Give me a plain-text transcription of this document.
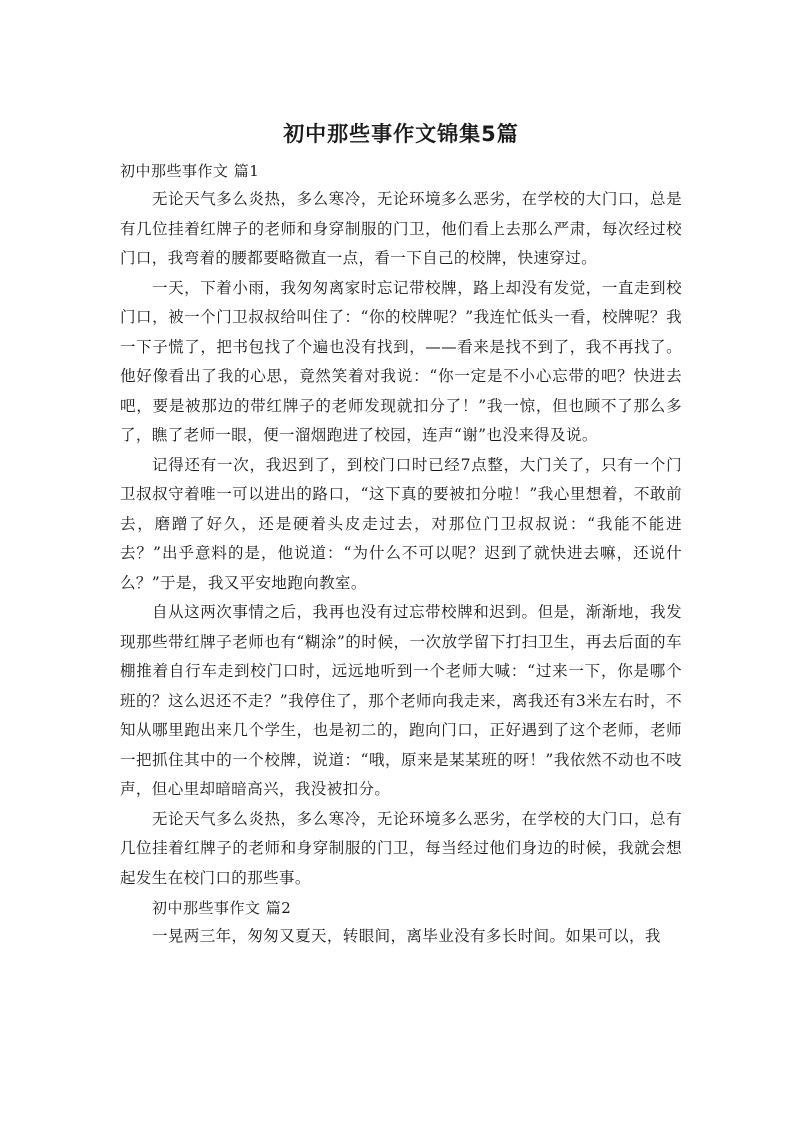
初中那些事作文锦集5篇

初中那些事作文 篇1

无论天气多么炎热，多么寒冷，无论环境多么恶劣，在学校的大门口，总是有几位挂着红牌子的老师和身穿制服的门卫，他们看上去那么严肃，每次经过校门口，我弯着的腰都要略微直一点，看一下自己的校牌，快速穿过。

一天，下着小雨，我匆匆离家时忘记带校牌，路上却没有发觉，一直走到校门口，被一个门卫叔叔给叫住了：“你的校牌呢？”我连忙低头一看，校牌呢？我一下子慌了，把书包找了个遍也没有找到，——看来是找不到了，我不再找了。他好像看出了我的心思，竟然笑着对我说：“你一定是不小心忘带的吧？快进去吧，要是被那边的带红牌子的老师发现就扣分了！”我一惊，但也顾不了那么多了，瞧了老师一眼，便一溜烟跑进了校园，连声“谢”也没来得及说。

记得还有一次，我迟到了，到校门口时已经7点整，大门关了，只有一个门卫叔叔守着唯一可以进出的路口，“这下真的要被扣分啦！”我心里想着，不敢前去，磨蹭了好久，还是硬着头皮走过去，对那位门卫叔叔说：“我能不能进去？”出乎意料的是，他说道：“为什么不可以呢？迟到了就快进去嘛，还说什么？”于是，我又平安地跑向教室。

自从这两次事情之后，我再也没有过忘带校牌和迟到。但是，渐渐地，我发现那些带红牌子老师也有“糊涂”的时候，一次放学留下打扫卫生，再去后面的车棚推着自行车走到校门口时，远远地听到一个老师大喊：“过来一下，你是哪个班的？这么迟还不走？”我停住了，那个老师向我走来，离我还有3米左右时，不知从哪里跑出来几个学生，也是初二的，跑向门口，正好遇到了这个老师，老师一把抓住其中的一个校牌，说道：“哦，原来是某某班的呀！”我依然不动也不吱声，但心里却暗暗高兴，我没被扣分。

无论天气多么炎热，多么寒冷，无论环境多么恶劣，在学校的大门口，总有几位挂着红牌子的老师和身穿制服的门卫，每当经过他们身边的时候，我就会想起发生在校门口的那些事。

初中那些事作文 篇2

一晃两三年，匆匆又夏天，转眼间，离毕业没有多长时间。如果可以，我
